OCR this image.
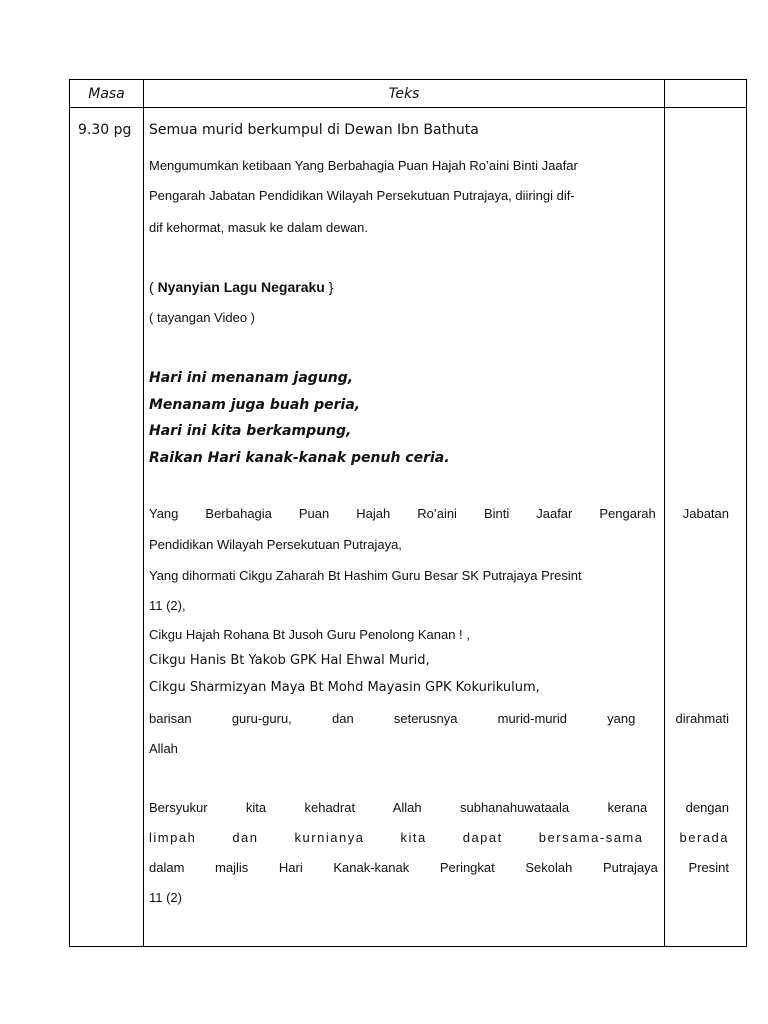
Masa	Teks
9.30 pg Semua murid berkumpul di Dewan Ibn Bathuta
Mengumumkan ketibaan Yang Berbahagia Puan Hajah Ro’aini Binti Jaafar
Pengarah Jabatan Pendidikan Wilayah Persekutuan Putrajaya, diiringi dif-
dif kehormat, masuk ke dalam dewan.
( Nyanyian Lagu Negaraku }
( tayangan Video )
Hari ini menanam jagung,
Menanam juga buah peria,
Hari ini kita berkampung,
Raikan Hari kanak-kanak penuh ceria.
Yang Berbahagia Puan Hajah Ro’aini Binti Jaafar Pengarah Jabatan
Pendidikan Wilayah Persekutuan Putrajaya,
Yang dihormati Cikgu Zaharah Bt Hashim Guru Besar SK Putrajaya Presint
11 (2),
Cikgu Hajah Rohana Bt Jusoh Guru Penolong Kanan ! ,
Cikgu Hanis Bt Yakob GPK Hal Ehwal Murid,
Cikgu Sharmizyan Maya Bt Mohd Mayasin GPK Kokurikulum,
barisan guru-guru, dan seterusnya murid-murid yang dirahmati
Allah
Bersyukur kita kehadrat Allah subhanahuwataala kerana dengan
limpah dan kurnianya kita dapat bersama-sama berada
dalam majlis Hari Kanak-kanak Peringkat Sekolah Putrajaya Presint
11 (2)
